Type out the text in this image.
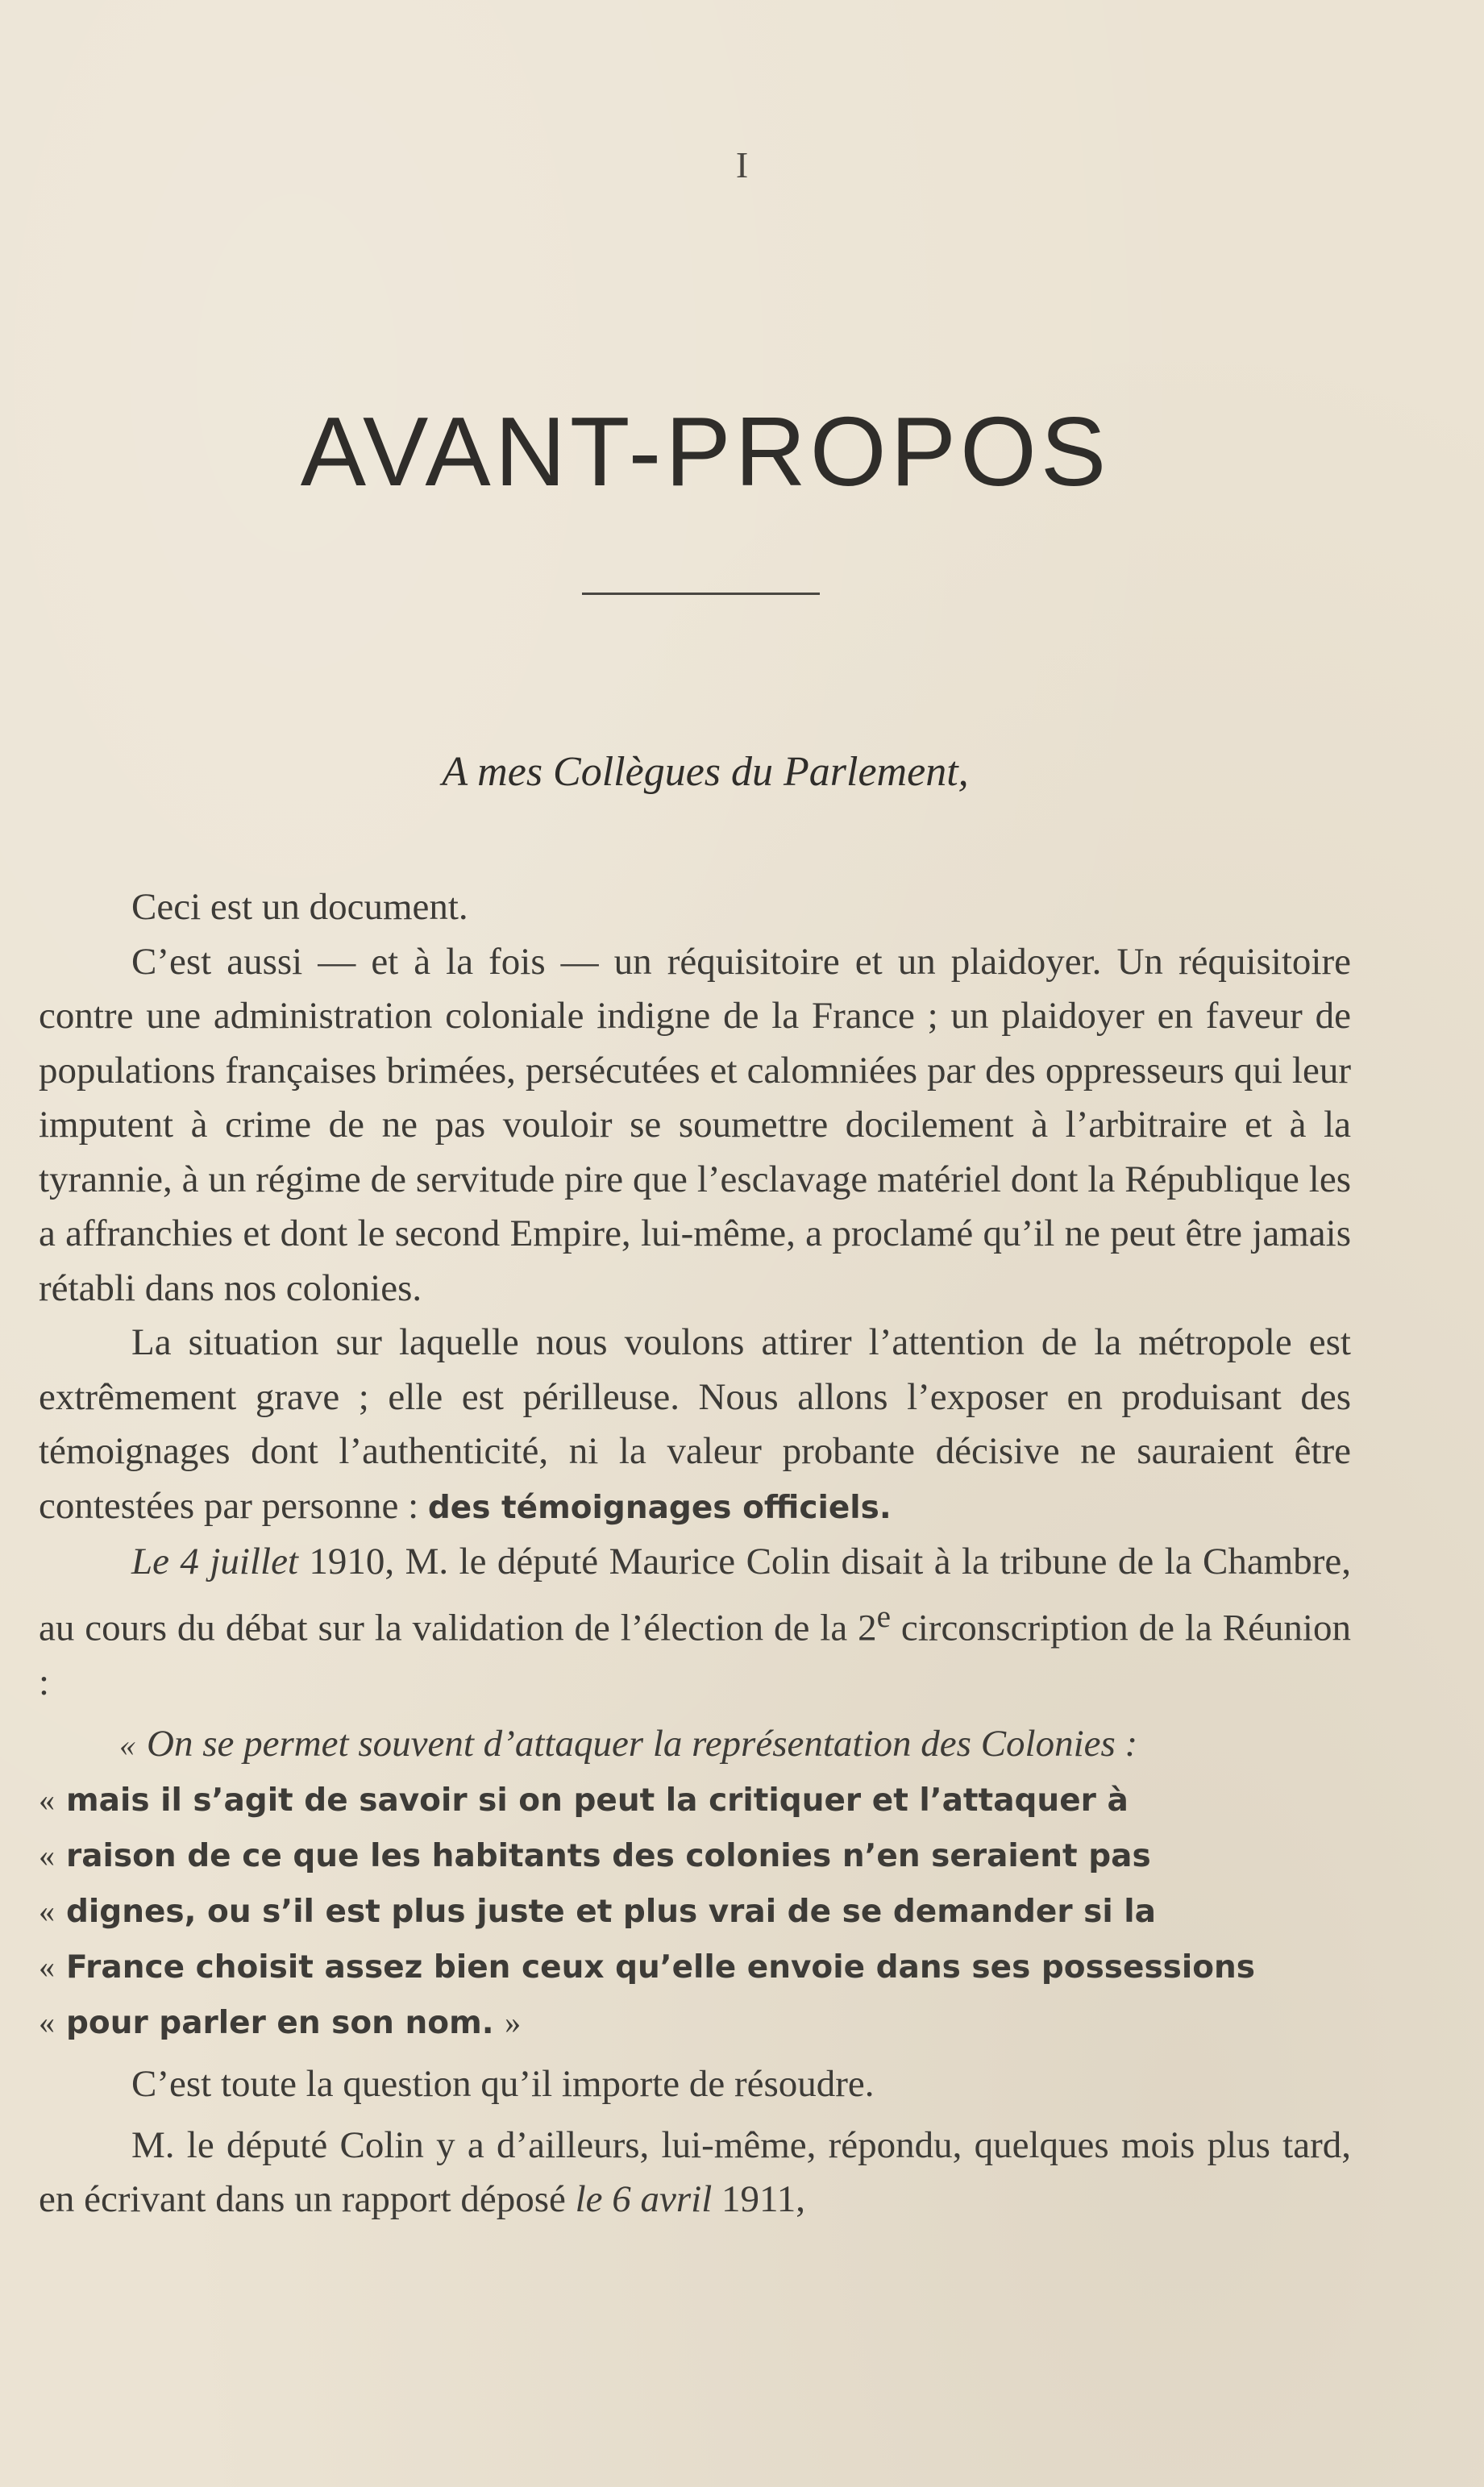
I
AVANT-PROPOS
A mes Collègues du Parlement,

Ceci est un document.

C’est aussi — et à la fois — un réquisitoire et un plaidoyer. Un réquisitoire contre une administration coloniale indigne de la France ; un plaidoyer en faveur de populations françaises brimées, persécutées et calomniées par des oppresseurs qui leur imputent à crime de ne pas vouloir se soumettre docilement à l’arbitraire et à la tyrannie, à un régime de servitude pire que l’esclavage matériel dont la République les a affranchies et dont le second Empire, lui-même, a proclamé qu’il ne peut être jamais rétabli dans nos colonies.

La situation sur laquelle nous voulons attirer l’attention de la métropole est extrêmement grave ; elle est périlleuse. Nous allons l’exposer en produisant des témoignages dont l’authenticité, ni la valeur probante décisive ne sauraient être contestées par personne : des témoignages officiels.

Le 4 juillet 1910, M. le député Maurice Colin disait à la tribune de la Chambre, au cours du débat sur la validation de l’élection de la 2e circonscription de la Réunion :

« On se permet souvent d’attaquer la représentation des Colonies :

« mais il s’agit de savoir si on peut la critiquer et l’attaquer à

« raison de ce que les habitants des colonies n’en seraient pas

« dignes, ou s’il est plus juste et plus vrai de se demander si la

« France choisit assez bien ceux qu’elle envoie dans ses possessions

« pour parler en son nom. »

C’est toute la question qu’il importe de résoudre.

M. le député Colin y a d’ailleurs, lui-même, répondu, quelques mois plus tard, en écrivant dans un rapport déposé le 6 avril 1911,
